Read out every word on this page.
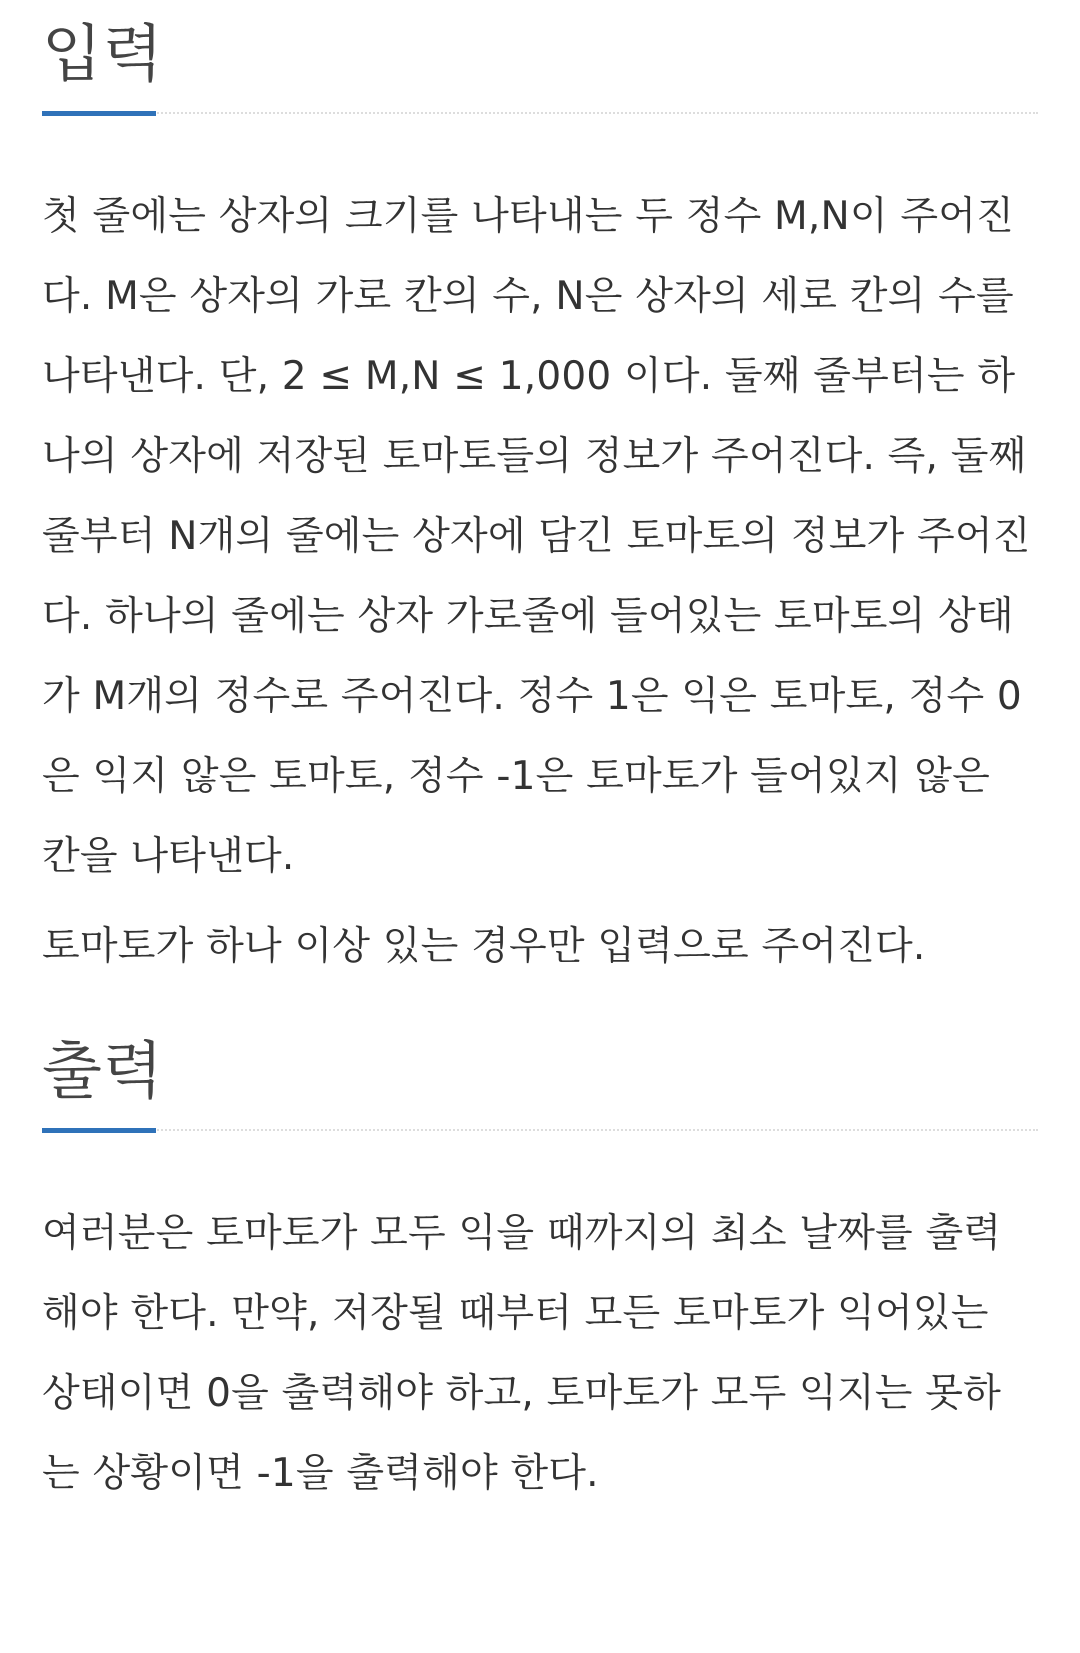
입력

첫 줄에는 상자의 크기를 나타내는 두 정수 M,N이 주어진다. M은 상자의 가로 칸의 수, N은 상자의 세로 칸의 수를 나타낸다. 단, 2 ≤ M,N ≤ 1,000 이다. 둘째 줄부터는 하나의 상자에 저장된 토마토들의 정보가 주어진다. 즉, 둘째 줄부터 N개의 줄에는 상자에 담긴 토마토의 정보가 주어진다. 하나의 줄에는 상자 가로줄에 들어있는 토마토의 상태가 M개의 정수로 주어진다. 정수 1은 익은 토마토, 정수 0은 익지 않은 토마토, 정수 -1은 토마토가 들어있지 않은 칸을 나타낸다.

토마토가 하나 이상 있는 경우만 입력으로 주어진다.

출력

여러분은 토마토가 모두 익을 때까지의 최소 날짜를 출력해야 한다. 만약, 저장될 때부터 모든 토마토가 익어있는 상태이면 0을 출력해야 하고, 토마토가 모두 익지는 못하는 상황이면 -1을 출력해야 한다.
